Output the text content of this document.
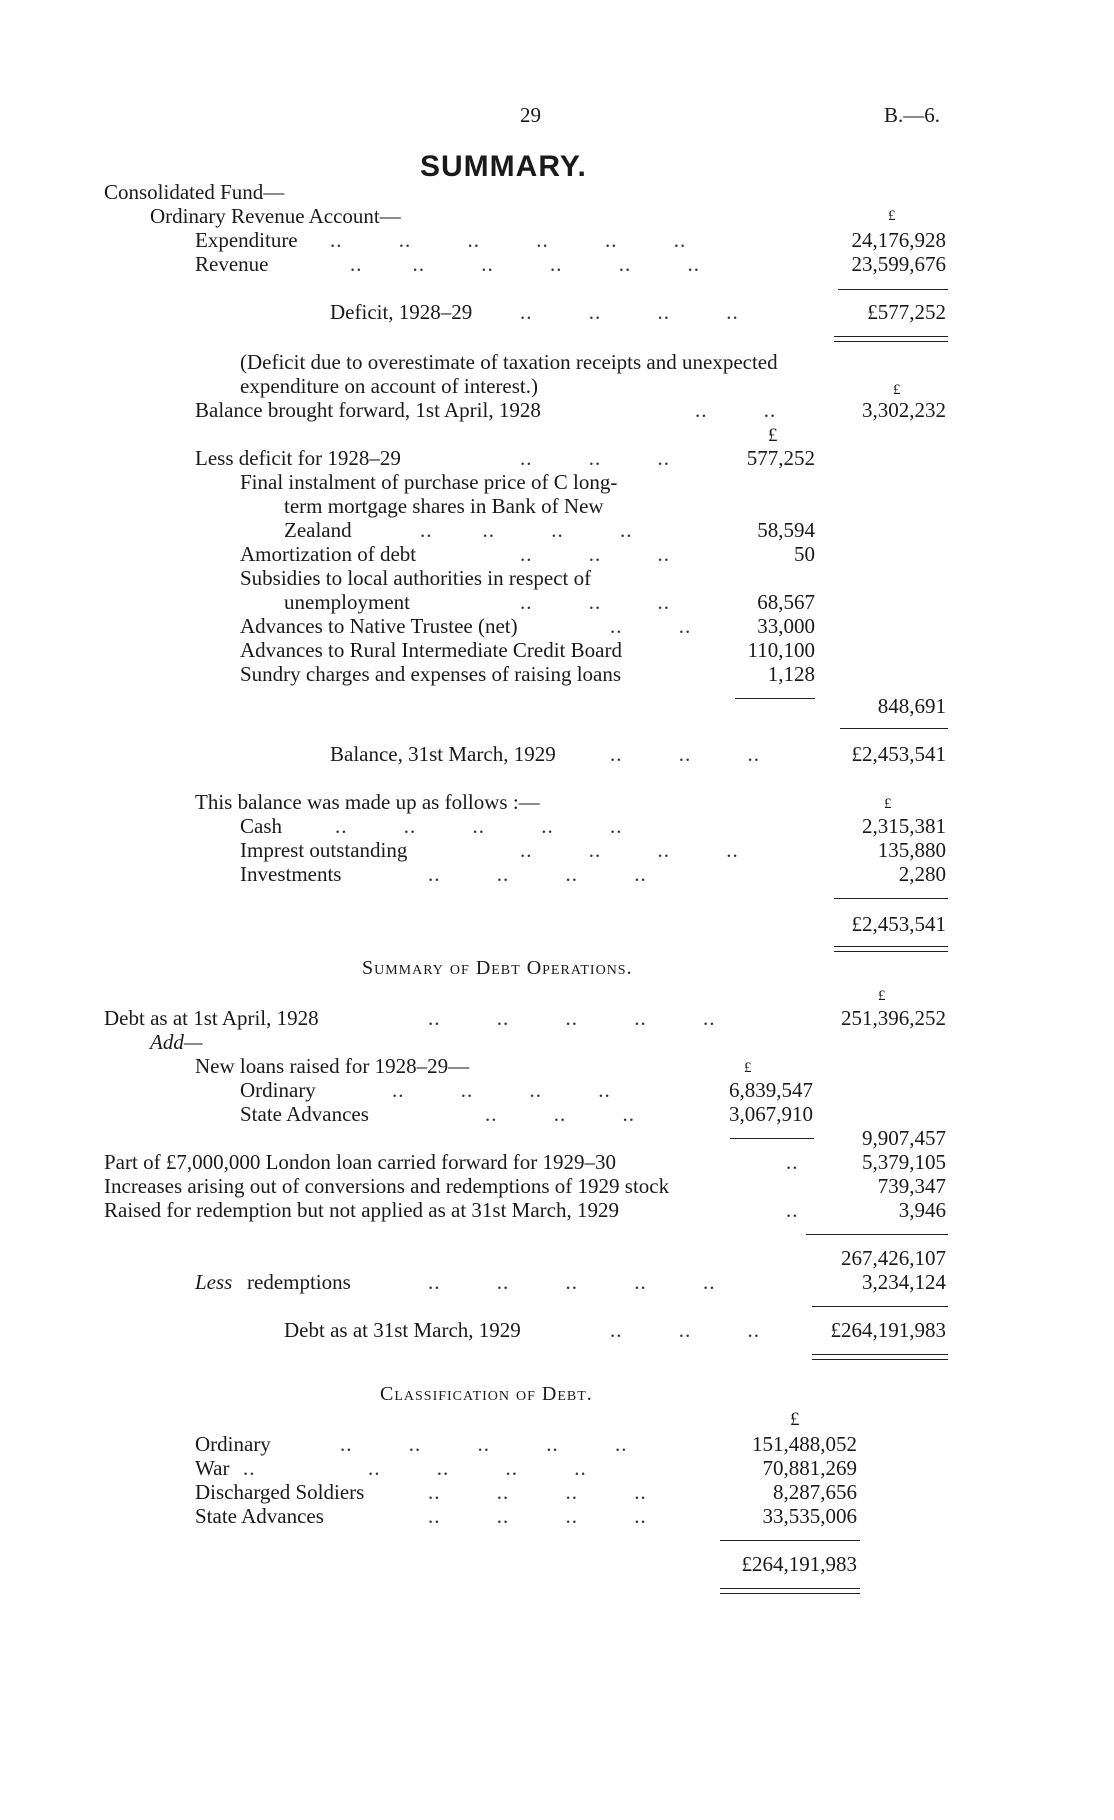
29	B.—6.
SUMMARY.
Consolidated Fund—
Ordinary Revenue Account—	£
Expenditure ..         ..         ..         ..         ..         ..	24,176,928
Revenue	..        ..         ..         ..         ..         ..	23,599,676
Deficit, 1928–29 ..         ..         ..         ..	£577,252
(Deficit due to overestimate of taxation receipts and unexpected
expenditure on account of interest.)	£
Balance brought forward, 1st April, 1928	..         ..	3,302,232
£
Less deficit for 1928–29	..         ..         ..	577,252
Final instalment of purchase price of C long-
term mortgage shares in Bank of New
Zealand	..        ..         ..         ..	58,594
Amortization of debt	..         ..         ..	50
Subsidies to local authorities in respect of
unemployment	..         ..         ..	68,567
Advances to Native Trustee (net)	..         ..	33,000
Advances to Rural Intermediate Credit Board	110,100
Sundry charges and expenses of raising loans	1,128
848,691
Balance, 31st March, 1929	..         ..         ..	£2,453,541
This balance was made up as follows :—	£
Cash	..         ..         ..         ..         ..	2,315,381
Imprest outstanding	..         ..         ..         ..	135,880
Investments	..         ..         ..         ..	2,280
£2,453,541
Summary of Debt Operations.
£
Debt as at 1st April, 1928	..         ..         ..         ..         ..	251,396,252
Add—
New loans raised for 1928–29—	£
Ordinary	..         ..         ..         ..	6,839,547
State Advances	..         ..         ..	3,067,910
9,907,457
Part of £7,000,000 London loan carried forward for 1929–30	..	5,379,105
Increases arising out of conversions and redemptions of 1929 stock	739,347
Raised for redemption but not applied as at 31st March, 1929	..	3,946
267,426,107
Less redemptions	..         ..         ..         ..         ..	3,234,124
Debt as at 31st March, 1929	..         ..         ..	£264,191,983
Classification of Debt.
£
Ordinary	..         ..         ..         ..         ..	151,488,052
War ..                  ..         ..         ..         ..	70,881,269
Discharged Soldiers	..         ..         ..         ..	8,287,656
State Advances	..         ..         ..         ..	33,535,006
£264,191,983
